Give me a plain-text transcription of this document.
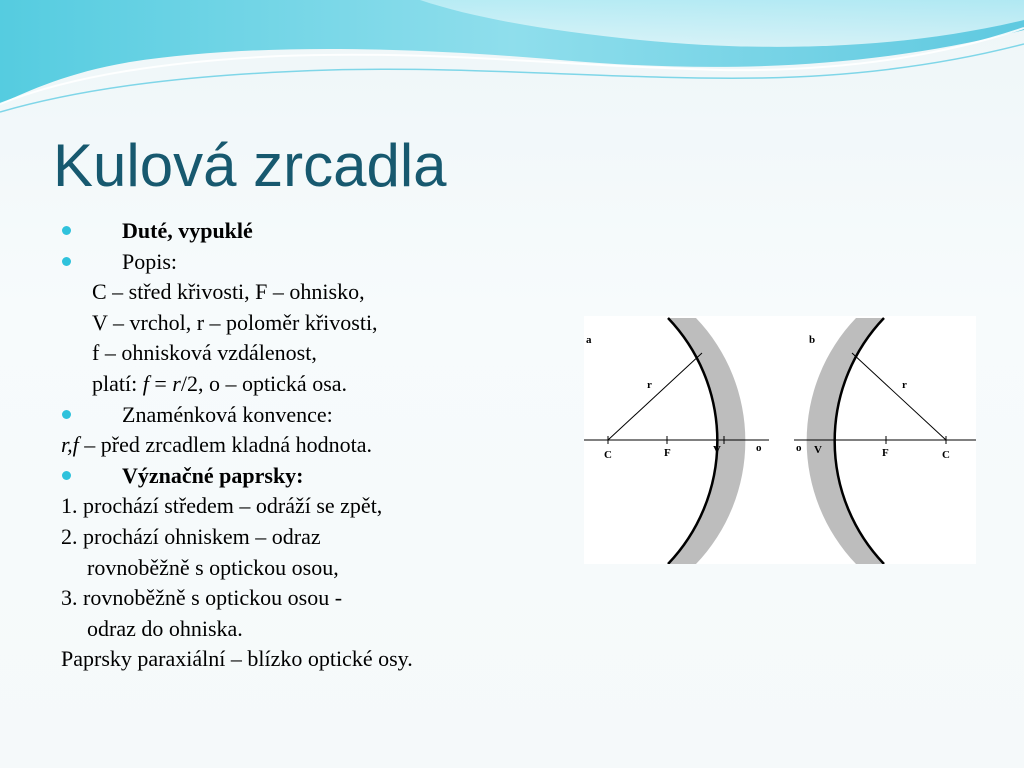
Kulová zrcadla
Duté, vypuklé
Popis:
C – střed křivosti, F – ohnisko,
V – vrchol, r – poloměr křivosti,
f – ohnisková vzdálenost,
platí: f = r/2, o – optická osa.
Znaménková konvence:
r,f – před zrcadlem kladná hodnota.
Význačné paprsky:
1. prochází středem – odráží se zpět,
2. prochází ohniskem – odraz
rovnoběžně s optickou osou,
3. rovnoběžně s optickou osou -
odraz do ohniska.
Paprsky paraxiální – blízko optické osy.
a
r
C	F	V	o
b
r
o V	F	C
